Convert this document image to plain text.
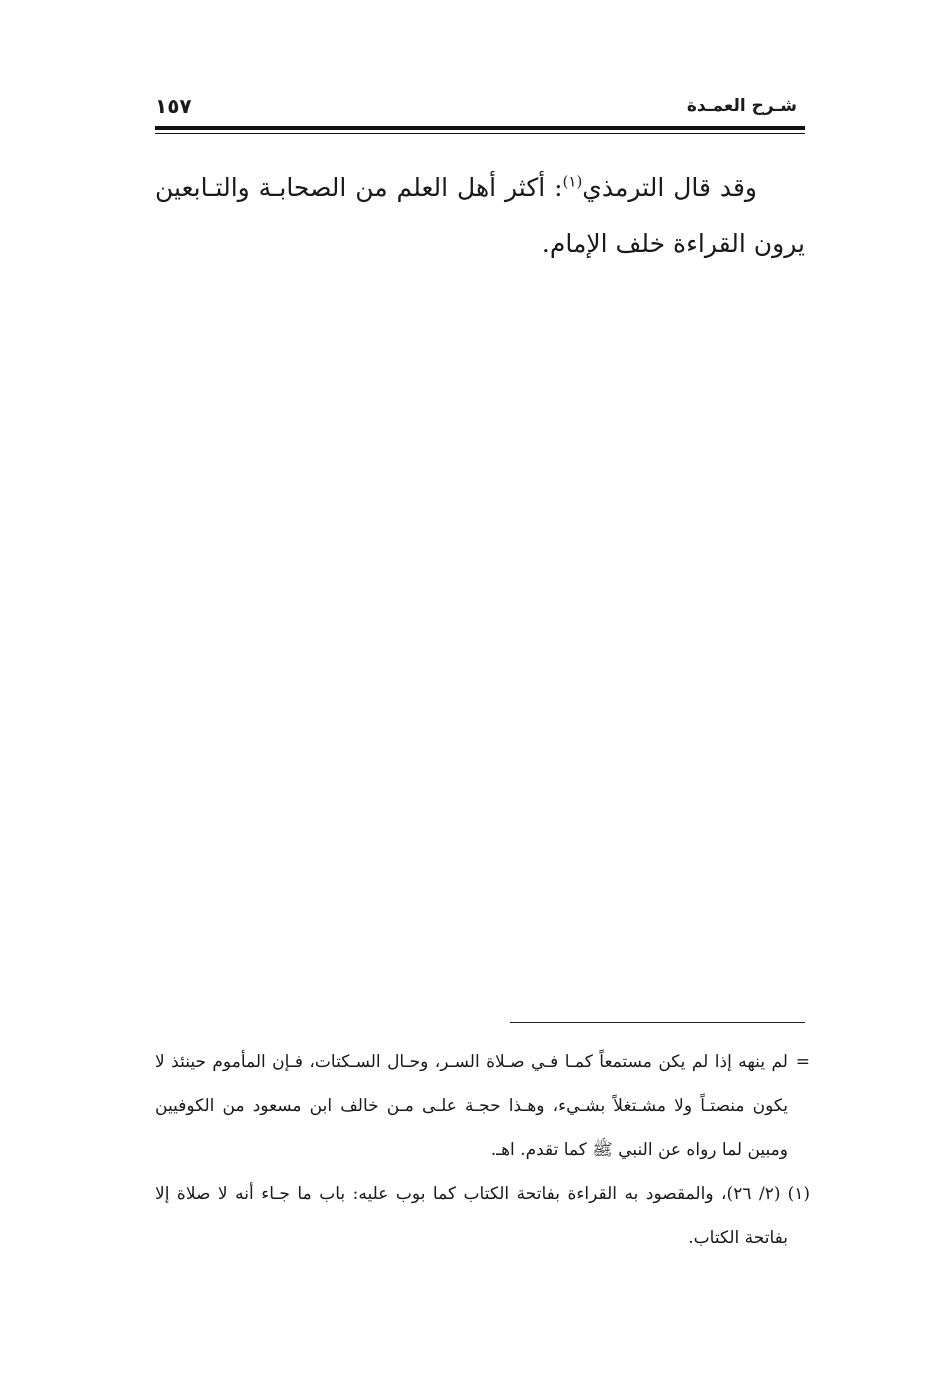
شـرح العمـدة
١٥٧

وقد قال الترمذي$^{(١)}$: أكثر أهل العلم من الصحابـة والتـابعين يرون القراءة خلف الإمام.

=لم ينهه إذا لم يكن مستمعاً كمـا فـي صـلاة السـر، وحـال السـكتات، فـإن المأموم حينئذ لا يكون منصتـاً ولا مشـتغلاً بشـيء، وهـذا حجـة علـى مـن خالف ابن مسعود من الكوفيين ومبين لما رواه عن النبي ﷺ كما تقدم. اهـ.

(١) (٢/ ٢٦)، والمقصود به القراءة بفاتحة الكتاب كما بوب عليه: باب ما جـاء أنه لا صلاة إلا بفاتحة الكتاب.
